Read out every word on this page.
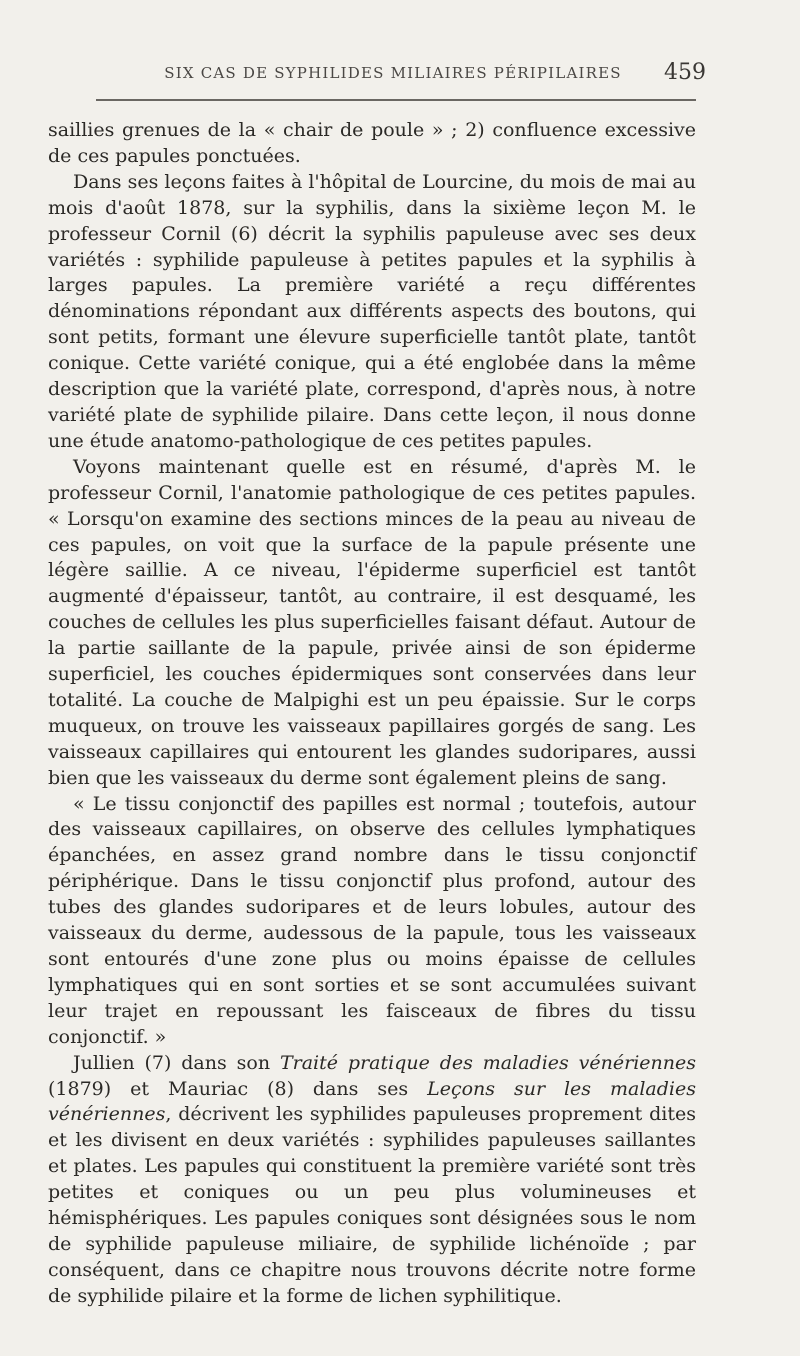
SIX CAS DE SYPHILIDES MILIAIRES PÉRIPILAIRES 459

saillies grenues de la « chair de poule » ; 2) confluence excessive de ces papules ponctuées.

Dans ses leçons faites à l'hôpital de Lourcine, du mois de mai au mois d'août 1878, sur la syphilis, dans la sixième leçon M. le professeur Cornil (6) décrit la syphilis papuleuse avec ses deux variétés : syphilide papuleuse à petites papules et la syphilis à larges papules. La première variété a reçu différentes dénominations répondant aux différents aspects des boutons, qui sont petits, formant une élevure superficielle tantôt plate, tantôt conique. Cette variété conique, qui a été englobée dans la même description que la variété plate, correspond, d'après nous, à notre variété plate de syphilide pilaire. Dans cette leçon, il nous donne une étude anatomo-pathologique de ces petites papules.

Voyons maintenant quelle est en résumé, d'après M. le professeur Cornil, l'anatomie pathologique de ces petites papules. « Lorsqu'on examine des sections minces de la peau au niveau de ces papules, on voit que la surface de la papule présente une légère saillie. A ce niveau, l'épiderme superficiel est tantôt augmenté d'épaisseur, tantôt, au contraire, il est desquamé, les couches de cellules les plus superficielles faisant défaut. Autour de la partie saillante de la papule, privée ainsi de son épiderme superficiel, les couches épidermiques sont conservées dans leur totalité. La couche de Malpighi est un peu épaissie. Sur le corps muqueux, on trouve les vaisseaux papillaires gorgés de sang. Les vaisseaux capillaires qui entourent les glandes sudoripares, aussi bien que les vaisseaux du derme sont également pleins de sang.

« Le tissu conjonctif des papilles est normal ; toutefois, autour des vaisseaux capillaires, on observe des cellules lymphatiques épanchées, en assez grand nombre dans le tissu conjonctif périphérique. Dans le tissu conjonctif plus profond, autour des tubes des glandes sudoripares et de leurs lobules, autour des vaisseaux du derme, audessous de la papule, tous les vaisseaux sont entourés d'une zone plus ou moins épaisse de cellules lymphatiques qui en sont sorties et se sont accumulées suivant leur trajet en repoussant les faisceaux de fibres du tissu conjonctif. »

Jullien (7) dans son Traité pratique des maladies vénériennes (1879) et Mauriac (8) dans ses Leçons sur les maladies vénériennes, décrivent les syphilides papuleuses proprement dites et les divisent en deux variétés : syphilides papuleuses saillantes et plates. Les papules qui constituent la première variété sont très petites et coniques ou un peu plus volumineuses et hémisphériques. Les papules coniques sont désignées sous le nom de syphilide papuleuse miliaire, de syphilide lichénoïde ; par conséquent, dans ce chapitre nous trouvons décrite notre forme de syphilide pilaire et la forme de lichen syphilitique.
